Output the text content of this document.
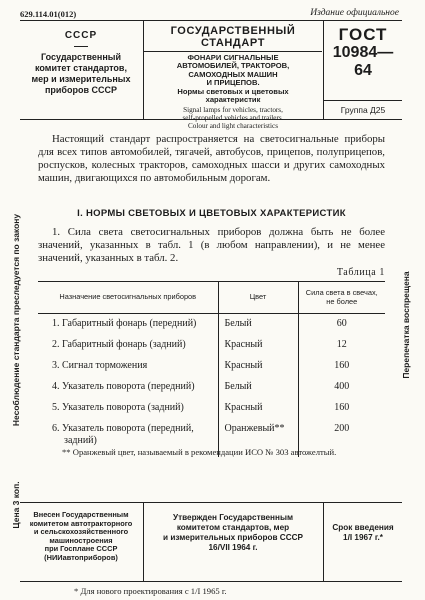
629.114.01(012)	Издание официальное
СССР
Государственный
комитет стандартов,
мер и измерительных
приборов СССР
ГОСУДАРСТВЕННЫЙ
СТАНДАРТ
ФОНАРИ СИГНАЛЬНЫЕ
АВТОМОБИЛЕЙ, ТРАКТОРОВ,
САМОХОДНЫХ МАШИН
И ПРИЦЕПОВ.
Нормы световых и цветовых
характеристик
Signal lamps for vehicles, tractors,
self-propelled vehicles and trailers.
Colour and light characteristics
ГОСТ
10984—64
Группа Д25
Настоящий стандарт распространяется на светосигнальные приборы для всех типов автомобилей, тягачей, автобусов, прицепов, полуприцепов, роспусков, колесных тракторов, самоходных шасси и других самоходных машин, двигающихся по автомобильным дорогам.
I. НОРМЫ СВЕТОВЫХ И ЦВЕТОВЫХ ХАРАКТЕРИСТИК
1. Сила света светосигнальных приборов должна быть не более значений, указанных в табл. 1 (в любом направлении), и не менее значений, указанных в табл. 2.
Таблица 1
Назначение светосигнальных приборов	Цвет	Сила света в свечах, не более
1. Габаритный фонарь (передний)	Белый	60
2. Габаритный фонарь (задний)	Красный	12
3. Сигнал торможения	Красный	160
4. Указатель поворота (передний)	Белый	400
5. Указатель поворота (задний)	Красный	160
6. Указатель поворота (передний, задний)	Оранжевый**	200
** Оранжевый цвет, называемый в рекомендации ИСО № 303 автожелтый.
Несоблюдение стандарта преследуется по закону
Цена 3 коп.
Перепечатка воспрещена
Внесен Государственным
комитетом автотракторного
и сельскохозяйственного
машиностроения
при Госплане СССР
(НИИавтоприборов)
Утвержден Государственным
комитетом стандартов, мер
и измерительных приборов СССР
16/VII 1964 г.
Срок введения
1/I 1967 г.*
* Для нового проектирования с 1/I 1965 г.
